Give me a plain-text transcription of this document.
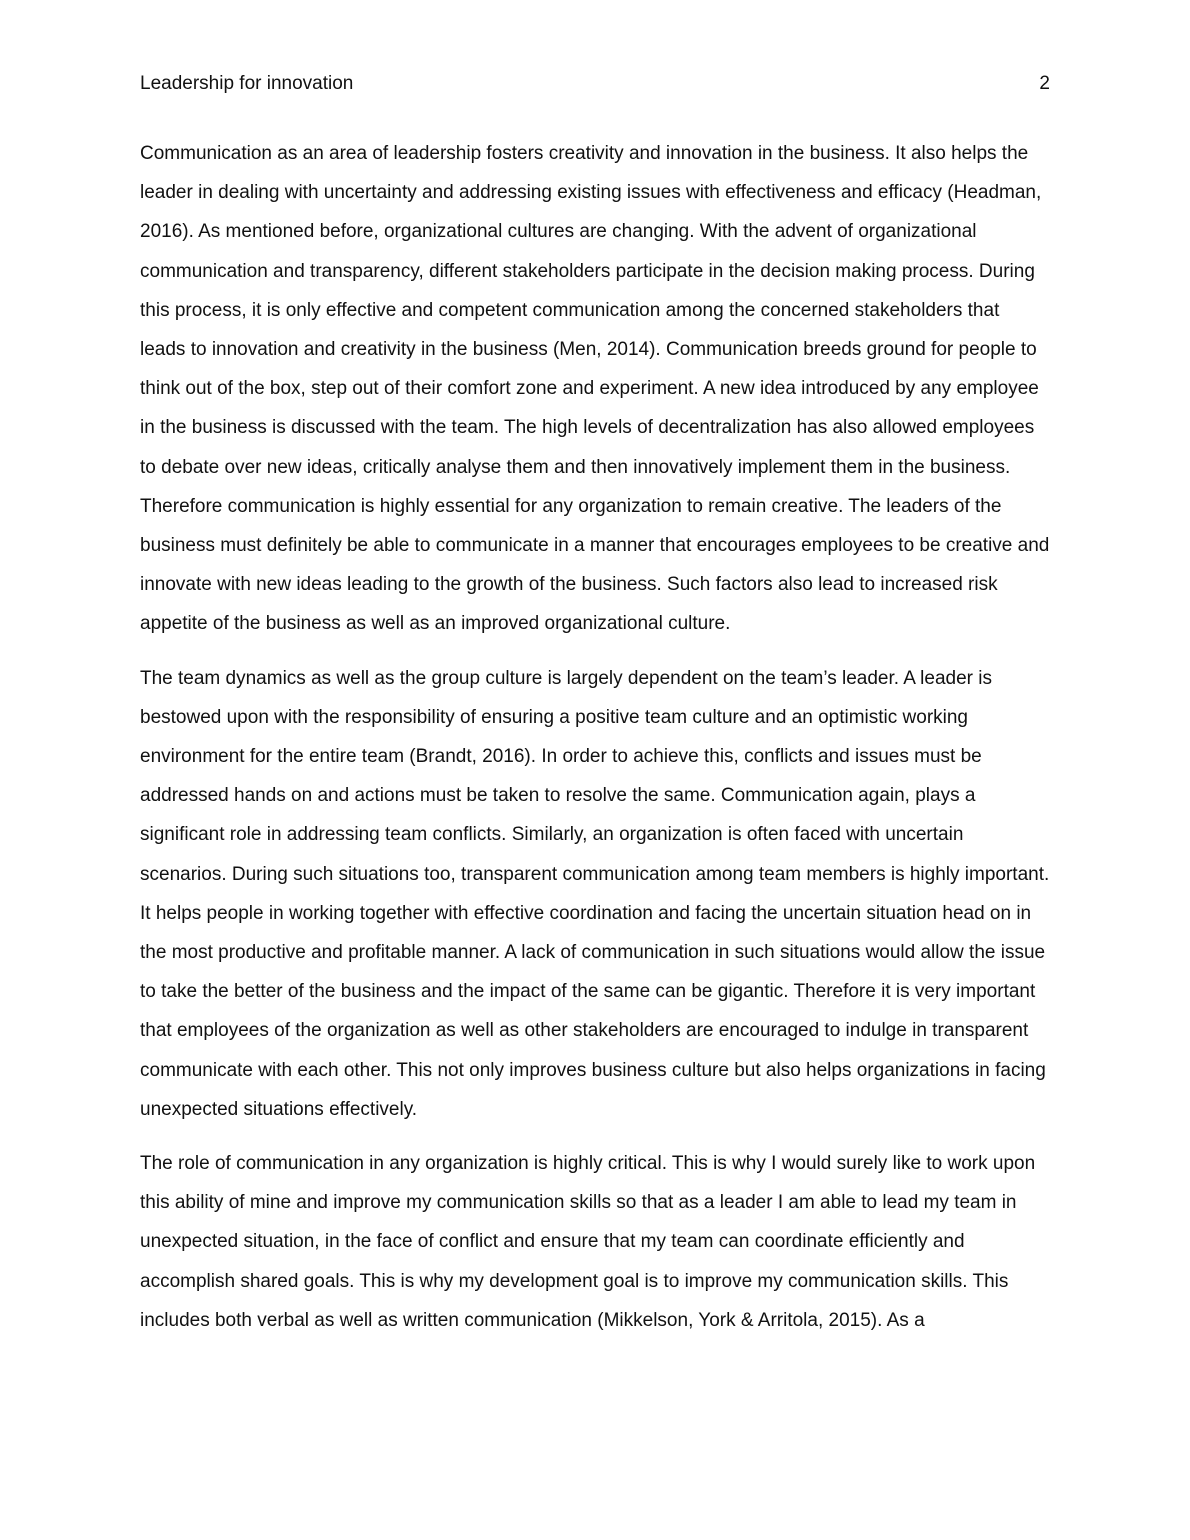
Leadership for innovation	2

Communication as an area of leadership fosters creativity and innovation in the business. It also helps the leader in dealing with uncertainty and addressing existing issues with effectiveness and efficacy (Headman, 2016). As mentioned before, organizational cultures are changing. With the advent of organizational communication and transparency, different stakeholders participate in the decision making process. During this process, it is only effective and competent communication among the concerned stakeholders that leads to innovation and creativity in the business (Men, 2014). Communication breeds ground for people to think out of the box, step out of their comfort zone and experiment. A new idea introduced by any employee in the business is discussed with the team. The high levels of decentralization has also allowed employees to debate over new ideas, critically analyse them and then innovatively implement them in the business. Therefore communication is highly essential for any organization to remain creative. The leaders of the business must definitely be able to communicate in a manner that encourages employees to be creative and innovate with new ideas leading to the growth of the business. Such factors also lead to increased risk appetite of the business as well as an improved organizational culture.

The team dynamics as well as the group culture is largely dependent on the team’s leader. A leader is bestowed upon with the responsibility of ensuring a positive team culture and an optimistic working environment for the entire team (Brandt, 2016). In order to achieve this, conflicts and issues must be addressed hands on and actions must be taken to resolve the same. Communication again, plays a significant role in addressing team conflicts. Similarly, an organization is often faced with uncertain scenarios. During such situations too, transparent communication among team members is highly important. It helps people in working together with effective coordination and facing the uncertain situation head on in the most productive and profitable manner. A lack of communication in such situations would allow the issue to take the better of the business and the impact of the same can be gigantic. Therefore it is very important that employees of the organization as well as other stakeholders are encouraged to indulge in transparent communicate with each other. This not only improves business culture but also helps organizations in facing unexpected situations effectively.

The role of communication in any organization is highly critical. This is why I would surely like to work upon this ability of mine and improve my communication skills so that as a leader I am able to lead my team in unexpected situation, in the face of conflict and ensure that my team can coordinate efficiently and accomplish shared goals. This is why my development goal is to improve my communication skills. This includes both verbal as well as written communication (Mikkelson, York & Arritola, 2015). As a
